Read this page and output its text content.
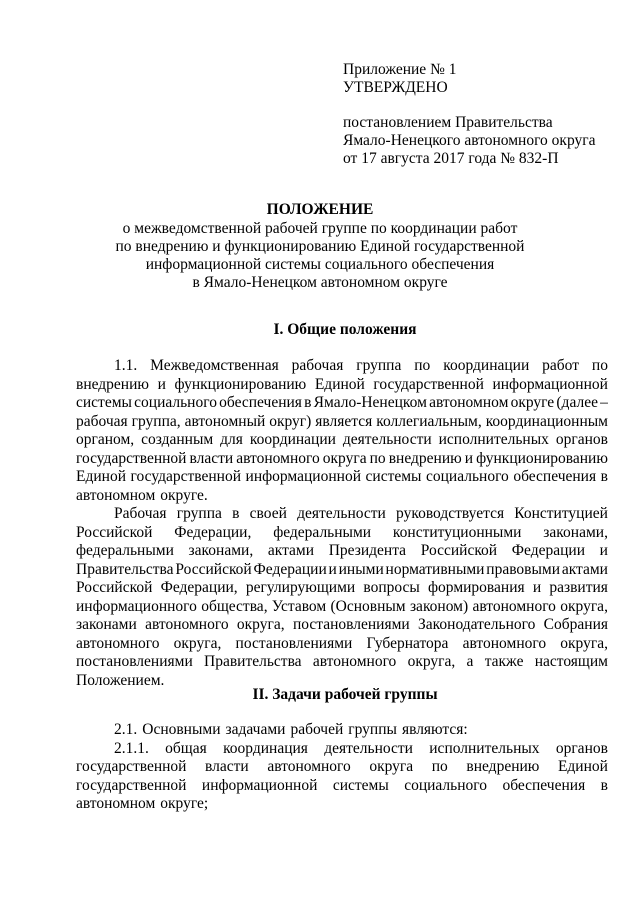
Приложение № 1
УТВЕРЖДЕНО
постановлением Правительства
Ямало-Ненецкого автономного округа
от 17 августа 2017 года № 832-П
ПОЛОЖЕНИЕ
о межведомственной рабочей группе по координации работ
по внедрению и функционированию Единой государственной
информационной системы социального обеспечения
в Ямало-Ненецком автономном округе
I. Общие положения
1.1. Межведомственная рабочая группа по координации работ по
внедрению и функционированию Единой государственной информационной
системы социального обеспечения в Ямало-Ненецком автономном округе (далее –
рабочая группа, автономный округ) является коллегиальным, координационным
органом, созданным для координации деятельности исполнительных органов
государственной власти автономного округа по внедрению и функционированию
Единой государственной информационной системы социального обеспечения в
автономном округе.
Рабочая группа в своей деятельности руководствуется Конституцией
Российской Федерации, федеральными конституционными законами,
федеральными законами, актами Президента Российской Федерации и
Правительства Российской Федерации и иными нормативными правовыми актами
Российской Федерации, регулирующими вопросы формирования и развития
информационного общества, Уставом (Основным законом) автономного округа,
законами автономного округа, постановлениями Законодательного Собрания
автономного округа, постановлениями Губернатора автономного округа,
постановлениями Правительства автономного округа, а также настоящим
Положением.
II. Задачи рабочей группы
2.1. Основными задачами рабочей группы являются:
2.1.1. общая координация деятельности исполнительных органов
государственной власти автономного округа по внедрению Единой
государственной информационной системы социального обеспечения в
автономном округе;
